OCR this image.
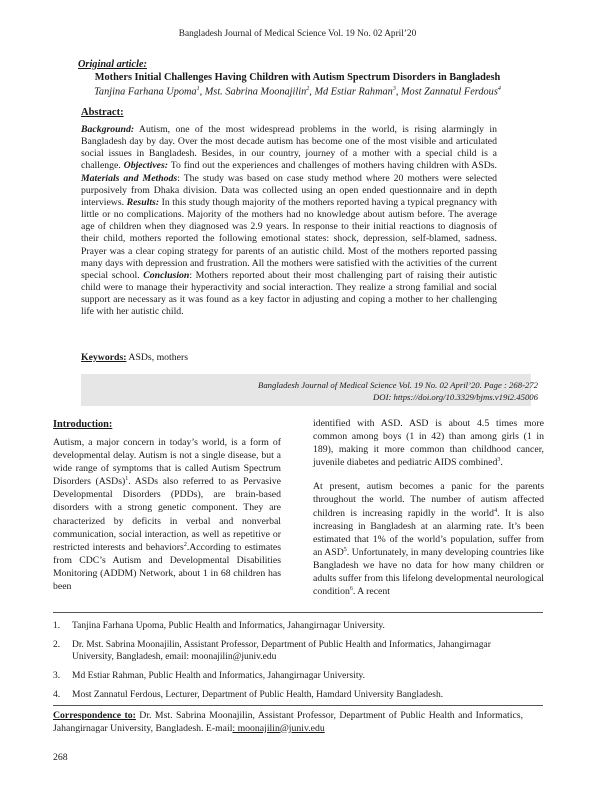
Bangladesh Journal of Medical Science Vol. 19 No. 02 April’20
Original article:
Mothers Initial Challenges Having Children with Autism Spectrum Disorders in Bangladesh
Tanjina Farhana Upoma$^1$, Mst. Sabrina Moonajilin$^2$, Md Estiar Rahman$^3$, Most Zannatul Ferdous$^4$
Abstract:
Background: Autism, one of the most widespread problems in the world, is rising alarmingly in Bangladesh day by day. Over the most decade autism has become one of the most visible and articulated social issues in Bangladesh. Besides, in our country, journey of a mother with a special child is a challenge. Objectives: To find out the experiences and challenges of mothers having children with ASDs. Materials and Methods: The study was based on case study method where 20 mothers were selected purposively from Dhaka division. Data was collected using an open ended questionnaire and in depth interviews. Results: In this study though majority of the mothers reported having a typical pregnancy with little or no complications. Majority of the mothers had no knowledge about autism before. The average age of children when they diagnosed was 2.9 years. In response to their initial reactions to diagnosis of their child, mothers reported the following emotional states: shock, depression, self-blamed, sadness. Prayer was a clear coping strategy for parents of an autistic child. Most of the mothers reported passing many days with depression and frustration. All the mothers were satisfied with the activities of the current special school. Conclusion: Mothers reported about their most challenging part of raising their autistic child were to manage their hyperactivity and social interaction. They realize a strong familial and social support are necessary as it was found as a key factor in adjusting and coping a mother to her challenging life with her autistic child.
Keywords: ASDs, mothers
Bangladesh Journal of Medical Science Vol. 19 No. 02 April’20. Page : 268-272
DOI: https://doi.org/10.3329/bjms.v19i2.45006
Introduction:

Autism, a major concern in today’s world, is a form of developmental delay. Autism is not a single disease, but a wide range of symptoms that is called Autism Spectrum Disorders (ASDs)$^1$. ASDs also referred to as Pervasive Developmental Disorders (PDDs), are brain-based disorders with a strong genetic component. They are characterized by deficits in verbal and nonverbal communication, social interaction, as well as repetitive or restricted interests and behaviors$^2$.According to estimates from CDC’s Autism and Developmental Disabilities Monitoring (ADDM) Network, about 1 in 68 children has been

identified with ASD. ASD is about 4.5 times more common among boys (1 in 42) than among girls (1 in 189), making it more common than childhood cancer, juvenile diabetes and pediatric AIDS combined$^3$.

At present, autism becomes a panic for the parents throughout the world. The number of autism affected children is increasing rapidly in the world$^4$. It is also increasing in Bangladesh at an alarming rate. It’s been estimated that 1% of the world’s population, suffer from an ASD$^5$. Unfortunately, in many developing countries like Bangladesh we have no data for how many children or adults suffer from this lifelong developmental neurological condition$^6$. A recent

1. Tanjina Farhana Upoma, Public Health and Informatics, Jahangirnagar University.
2. Dr. Mst. Sabrina Moonajilin, Assistant Professor, Department of Public Health and Informatics, Jahangirnagar University, Bangladesh, email: moonajilin@juniv.edu
3. Md Estiar Rahman, Public Health and Informatics, Jahangirnagar University.
4. Most Zannatul Ferdous, Lecturer, Department of Public Health, Hamdard University Bangladesh.
Correspondence to: Dr. Mst. Sabrina Moonajilin, Assistant Professor, Department of Public Health and Informatics, Jahangirnagar University, Bangladesh. E-mail: moonajilin@juniv.edu
268
